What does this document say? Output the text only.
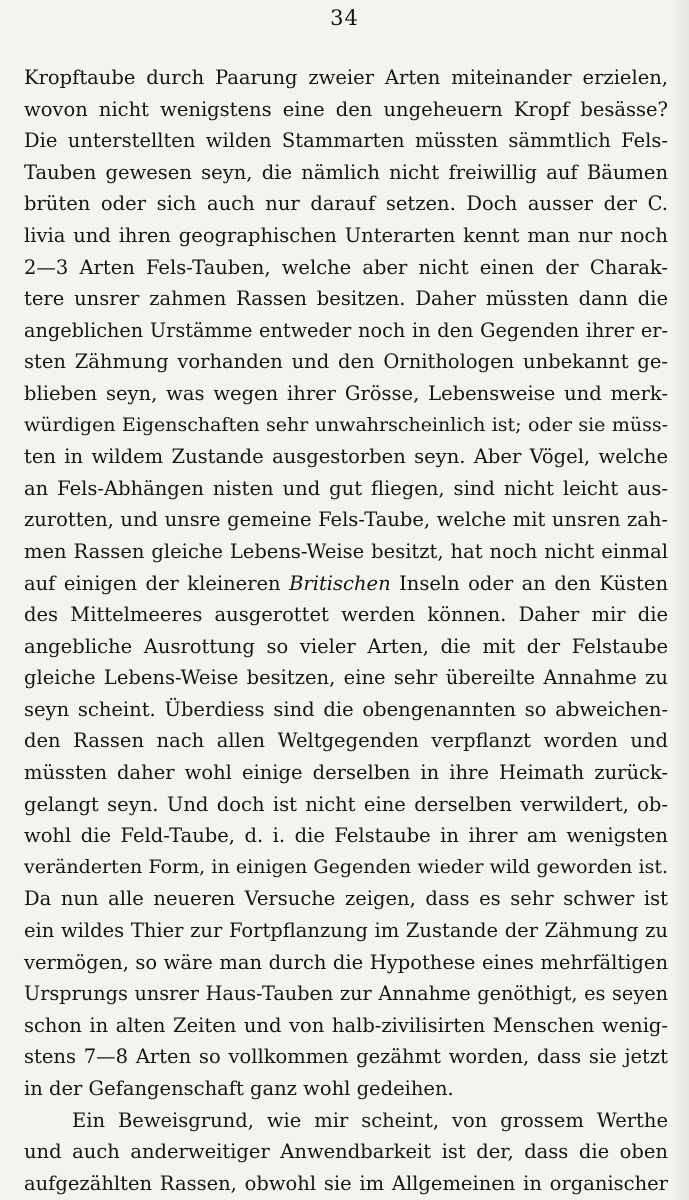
34
Kropftaube durch Paarung zweier Arten miteinander erzielen,
wovon nicht wenigstens eine den ungeheuern Kropf besässe?
Die unterstellten wilden Stammarten müssten sämmtlich Fels-
Tauben gewesen seyn, die nämlich nicht freiwillig auf Bäumen
brüten oder sich auch nur darauf setzen. Doch ausser der C.
livia und ihren geographischen Unterarten kennt man nur noch
2—3 Arten Fels-Tauben, welche aber nicht einen der Charak-
tere unsrer zahmen Rassen besitzen. Daher müssten dann die
angeblichen Urstämme entweder noch in den Gegenden ihrer er-
sten Zähmung vorhanden und den Ornithologen unbekannt ge-
blieben seyn, was wegen ihrer Grösse, Lebensweise und merk-
würdigen Eigenschaften sehr unwahrscheinlich ist; oder sie müss-
ten in wildem Zustande ausgestorben seyn. Aber Vögel, welche
an Fels-Abhängen nisten und gut fliegen, sind nicht leicht aus-
zurotten, und unsre gemeine Fels-Taube, welche mit unsren zah-
men Rassen gleiche Lebens-Weise besitzt, hat noch nicht einmal
auf einigen der kleineren Britischen Inseln oder an den Küsten
des Mittelmeeres ausgerottet werden können. Daher mir die
angebliche Ausrottung so vieler Arten, die mit der Felstaube
gleiche Lebens-Weise besitzen, eine sehr übereilte Annahme zu
seyn scheint. Überdiess sind die obengenannten so abweichen-
den Rassen nach allen Weltgegenden verpflanzt worden und
müssten daher wohl einige derselben in ihre Heimath zurück-
gelangt seyn. Und doch ist nicht eine derselben verwildert, ob-
wohl die Feld-Taube, d. i. die Felstaube in ihrer am wenigsten
veränderten Form, in einigen Gegenden wieder wild geworden ist.
Da nun alle neueren Versuche zeigen, dass es sehr schwer ist
ein wildes Thier zur Fortpflanzung im Zustande der Zähmung zu
vermögen, so wäre man durch die Hypothese eines mehrfältigen
Ursprungs unsrer Haus-Tauben zur Annahme genöthigt, es seyen
schon in alten Zeiten und von halb-zivilisirten Menschen wenig-
stens 7—8 Arten so vollkommen gezähmt worden, dass sie jetzt
in der Gefangenschaft ganz wohl gedeihen.
Ein Beweisgrund, wie mir scheint, von grossem Werthe
und auch anderweitiger Anwendbarkeit ist der, dass die oben
aufgezählten Rassen, obwohl sie im Allgemeinen in organischer
